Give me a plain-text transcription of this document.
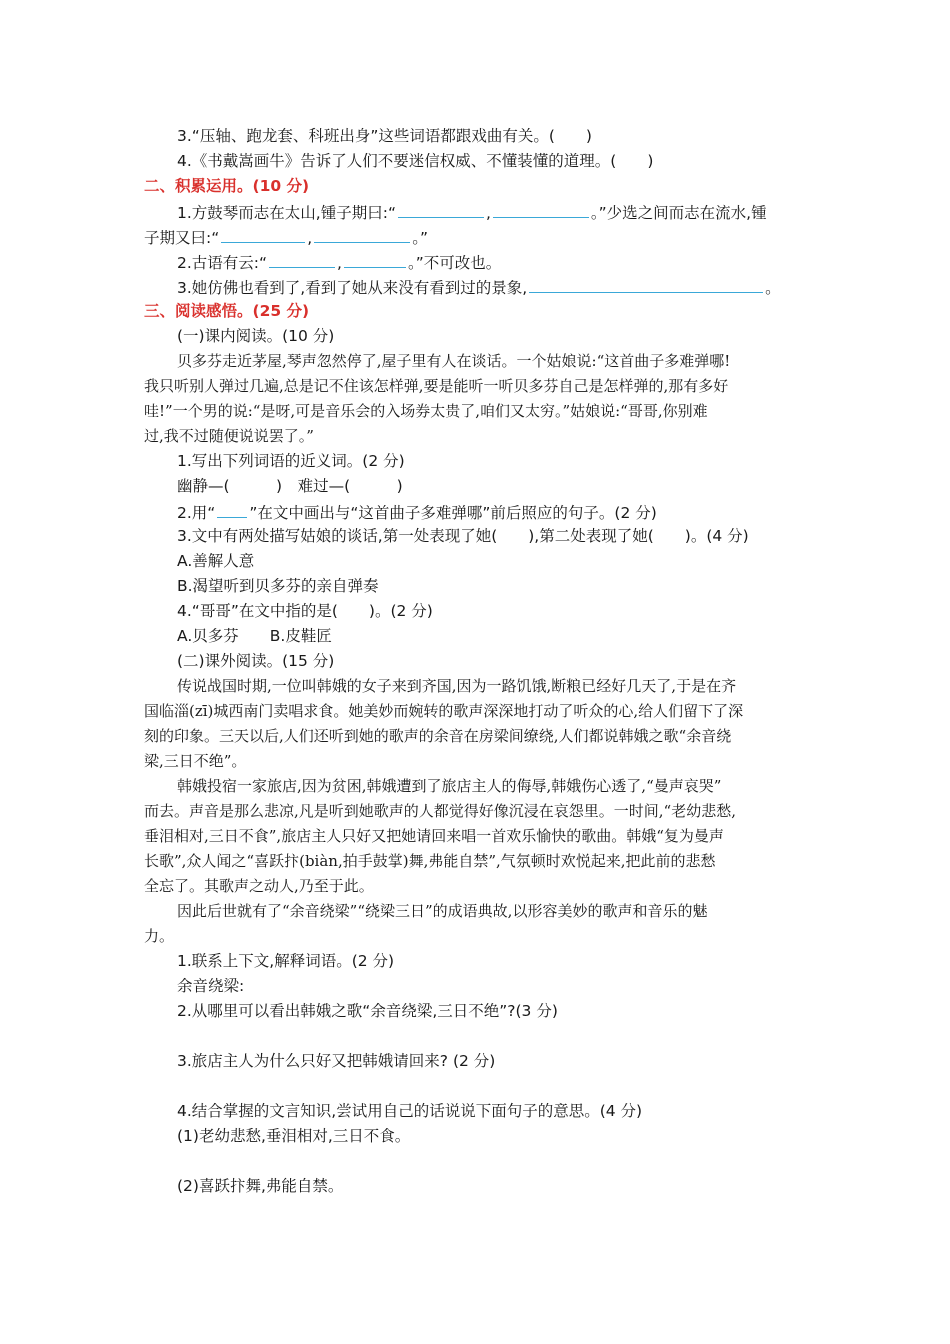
3.“压轴、跑龙套、科班出身”这些词语都跟戏曲有关。(　　)
4.《书戴嵩画牛》告诉了人们不要迷信权威、不懂装懂的道理。(　　)
二、积累运用。(10 分)
1.方鼓琴而志在太山,锺子期曰:“	,	。”少选之间而志在流水,锺
子期又曰:“	,	。”
2.古语有云:“	,	。”不可改也。
3.她仿佛也看到了,看到了她从来没有看到过的景象,	。
三、阅读感悟。(25 分)
(一)课内阅读。(10 分)
贝多芬走近茅屋,琴声忽然停了,屋子里有人在谈话。一个姑娘说:“这首曲子多难弹哪!
我只听别人弹过几遍,总是记不住该怎样弹,要是能听一听贝多芬自己是怎样弹的,那有多好
哇!”一个男的说:“是呀,可是音乐会的入场券太贵了,咱们又太穷。”姑娘说:“哥哥,你别难
过,我不过随便说说罢了。”
1.写出下列词语的近义词。(2 分)
幽静—(　　　)　难过—(　　　)
2.用“ ”在文中画出与“这首曲子多难弹哪”前后照应的句子。(2 分)
3.文中有两处描写姑娘的谈话,第一处表现了她(　　),第二处表现了她(　　)。(4 分)
A.善解人意
B.渴望听到贝多芬的亲自弹奏
4.“哥哥”在文中指的是(　　)。(2 分)
A.贝多芬　　B.皮鞋匠
(二)课外阅读。(15 分)
传说战国时期,一位叫韩娥的女子来到齐国,因为一路饥饿,断粮已经好几天了,于是在齐
国临淄(zī)城西南门卖唱求食。她美妙而婉转的歌声深深地打动了听众的心,给人们留下了深
刻的印象。三天以后,人们还听到她的歌声的余音在房梁间缭绕,人们都说韩娥之歌“余音绕
梁,三日不绝”。
韩娥投宿一家旅店,因为贫困,韩娥遭到了旅店主人的侮辱,韩娥伤心透了,“曼声哀哭”
而去。声音是那么悲凉,凡是听到她歌声的人都觉得好像沉浸在哀怨里。一时间,“老幼悲愁,
垂泪相对,三日不食”,旅店主人只好又把她请回来唱一首欢乐愉快的歌曲。韩娥“复为曼声
长歌”,众人闻之“喜跃抃(biàn,拍手鼓掌)舞,弗能自禁”,气氛顿时欢悦起来,把此前的悲愁
全忘了。其歌声之动人,乃至于此。
因此后世就有了“余音绕梁”“绕梁三日”的成语典故,以形容美妙的歌声和音乐的魅
力。
1.联系上下文,解释词语。(2 分)
余音绕梁:
2.从哪里可以看出韩娥之歌“余音绕梁,三日不绝”?(3 分)
3.旅店主人为什么只好又把韩娥请回来? (2 分)
4.结合掌握的文言知识,尝试用自己的话说说下面句子的意思。(4 分)
(1)老幼悲愁,垂泪相对,三日不食。
(2)喜跃抃舞,弗能自禁。
